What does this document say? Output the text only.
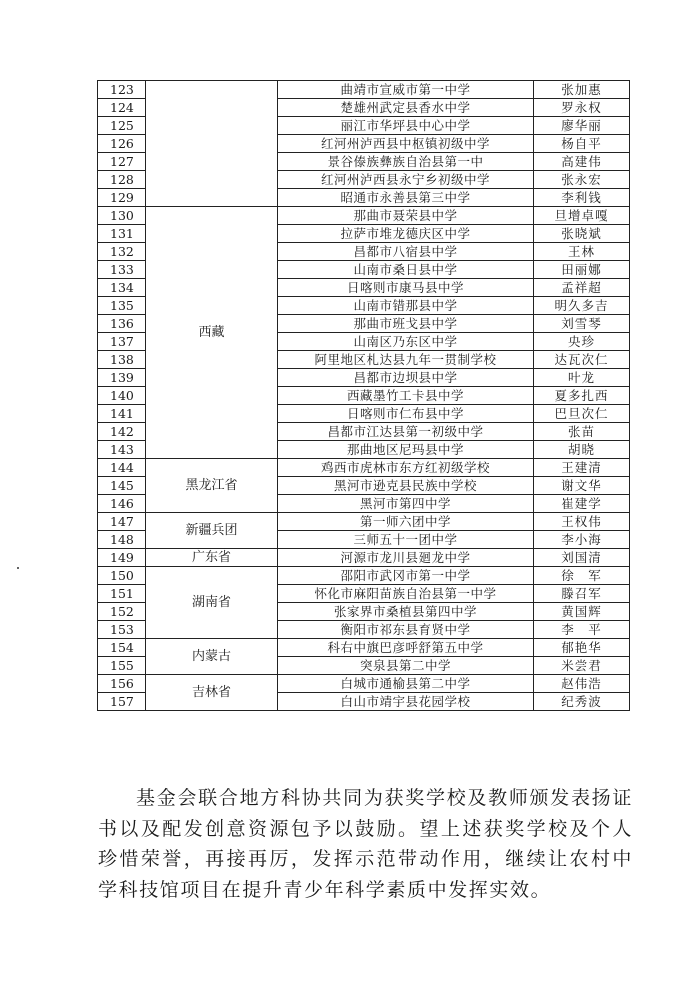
123		曲靖市宣威市第一中学	张加惠
124		楚雄州武定县香水中学	罗永权
125		丽江市华坪县中心中学	廖华丽
126		红河州泸西县中枢镇初级中学	杨自平
127		景谷傣族彝族自治县第一中	高建伟
128		红河州泸西县永宁乡初级中学	张永宏
129		昭通市永善县第三中学	李利钱
130	西藏	那曲市聂荣县中学	旦增卓嘎
131		拉萨市堆龙德庆区中学	张晓斌
132		昌都市八宿县中学	王林
133		山南市桑日县中学	田丽娜
134		日喀则市康马县中学	孟祥超
135		山南市错那县中学	明久多吉
136		那曲市班戈县中学	刘雪琴
137		山南区乃东区中学	央珍
138		阿里地区札达县九年一贯制学校	达瓦次仁
139		昌都市边坝县中学	叶龙
140		西藏墨竹工卡县中学	夏多扎西
141		日喀则市仁布县中学	巴旦次仁
142		昌都市江达县第一初级中学	张苗
143		那曲地区尼玛县中学	胡晓
144	黑龙江省	鸡西市虎林市东方红初级学校	王建清
145		黑河市逊克县民族中学校	谢文华
146		黑河市第四中学	崔建学
147	新疆兵团	第一师六团中学	王权伟
148		三师五十一团中学	李小海
149	广东省	河源市龙川县廻龙中学	刘国清
150	湖南省	邵阳市武冈市第一中学	徐　军
151		怀化市麻阳苗族自治县第一中学	滕召军
152		张家界市桑植县第四中学	黄国辉
153		衡阳市祁东县育贤中学	李　平
154	内蒙古	科右中旗巴彦呼舒第五中学	郁艳华
155		突泉县第二中学	米尝君
156	吉林省	白城市通榆县第二中学	赵伟浩
157		白山市靖宇县花园学校	纪秀波

基金会联合地方科协共同为获奖学校及教师颁发表扬证书以及配发创意资源包予以鼓励。望上述获奖学校及个人珍惜荣誉，再接再厉，发挥示范带动作用，继续让农村中学科技馆项目在提升青少年科学素质中发挥实效。
